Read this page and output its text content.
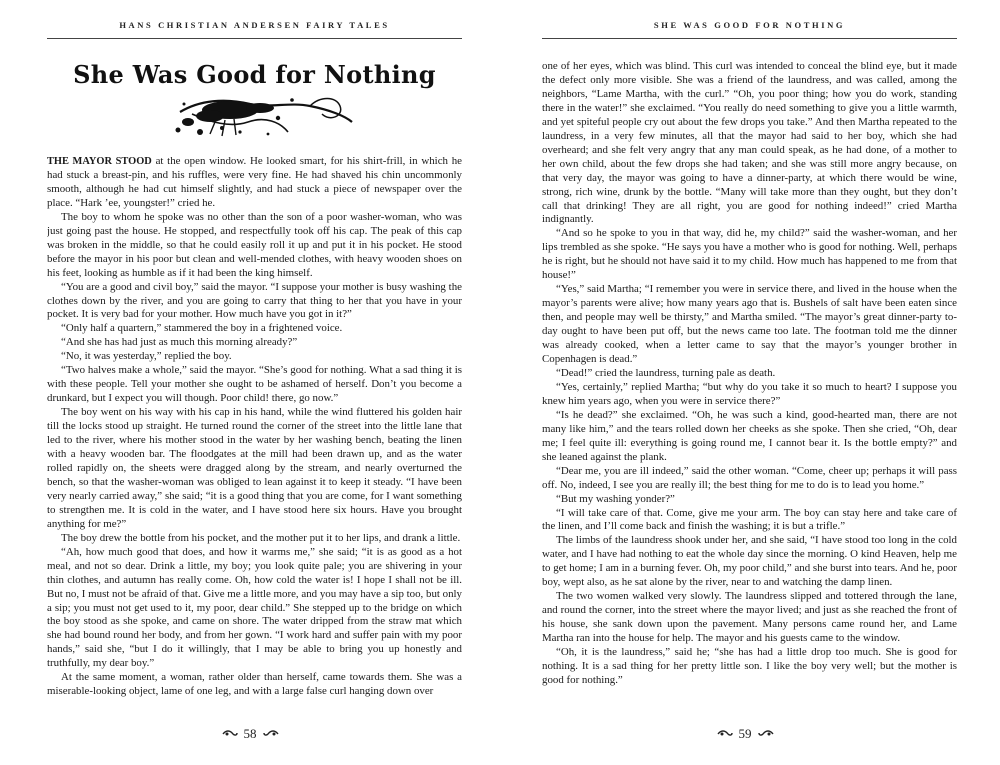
HANS CHRISTIAN ANDERSEN FAIRY TALES
She Was Good for Nothing

THE MAYOR STOOD at the open window. He looked smart, for his shirt-frill, in which he had stuck a breast-pin, and his ruffles, were very fine. He had shaved his chin uncommonly smooth, although he had cut himself slightly, and had stuck a piece of newspaper over the place. “Hark ’ee, youngster!” cried he.

The boy to whom he spoke was no other than the son of a poor washer-woman, who was just going past the house. He stopped, and respectfully took off his cap. The peak of this cap was broken in the middle, so that he could easily roll it up and put it in his pocket. He stood before the mayor in his poor but clean and well-mended clothes, with heavy wooden shoes on his feet, looking as humble as if it had been the king himself.

“You are a good and civil boy,” said the mayor. “I suppose your mother is busy washing the clothes down by the river, and you are going to carry that thing to her that you have in your pocket. It is very bad for your mother. How much have you got in it?”

“Only half a quartern,” stammered the boy in a frightened voice.

“And she has had just as much this morning already?”

“No, it was yesterday,” replied the boy.

“Two halves make a whole,” said the mayor. “She’s good for nothing. What a sad thing it is with these people. Tell your mother she ought to be ashamed of herself. Don’t you become a drunkard, but I expect you will though. Poor child! there, go now.”

The boy went on his way with his cap in his hand, while the wind fluttered his golden hair till the locks stood up straight. He turned round the corner of the street into the little lane that led to the river, where his mother stood in the water by her washing bench, beating the linen with a heavy wooden bar. The floodgates at the mill had been drawn up, and as the water rolled rapidly on, the sheets were dragged along by the stream, and nearly overturned the bench, so that the washer-woman was obliged to lean against it to keep it steady. “I have been very nearly carried away,” she said; “it is a good thing that you are come, for I want something to strengthen me. It is cold in the water, and I have stood here six hours. Have you brought anything for me?”

The boy drew the bottle from his pocket, and the mother put it to her lips, and drank a little.

“Ah, how much good that does, and how it warms me,” she said; “it is as good as a hot meal, and not so dear. Drink a little, my boy; you look quite pale; you are shivering in your thin clothes, and autumn has really come. Oh, how cold the water is! I hope I shall not be ill. But no, I must not be afraid of that. Give me a little more, and you may have a sip too, but only a sip; you must not get used to it, my poor, dear child.” She stepped up to the bridge on which the boy stood as she spoke, and came on shore. The water dripped from the straw mat which she had bound round her body, and from her gown. “I work hard and suffer pain with my poor hands,” said she, “but I do it willingly, that I may be able to bring you up honestly and truthfully, my dear boy.”

At the same moment, a woman, rather older than herself, came towards them. She was a miserable-looking object, lame of one leg, and with a large false curl hanging down over

58
SHE WAS GOOD FOR NOTHING

one of her eyes, which was blind. This curl was intended to conceal the blind eye, but it made the defect only more visible. She was a friend of the laundress, and was called, among the neighbors, “Lame Martha, with the curl.” “Oh, you poor thing; how you do work, standing there in the water!” she exclaimed. “You really do need something to give you a little warmth, and yet spiteful people cry out about the few drops you take.” And then Martha repeated to the laundress, in a very few minutes, all that the mayor had said to her boy, which she had overheard; and she felt very angry that any man could speak, as he had done, of a mother to her own child, about the few drops she had taken; and she was still more angry because, on that very day, the mayor was going to have a dinner-party, at which there would be wine, strong, rich wine, drunk by the bottle. “Many will take more than they ought, but they don’t call that drinking! They are all right, you are good for nothing indeed!” cried Martha indignantly.

“And so he spoke to you in that way, did he, my child?” said the washer-woman, and her lips trembled as she spoke. “He says you have a mother who is good for nothing. Well, perhaps he is right, but he should not have said it to my child. How much has happened to me from that house!”

“Yes,” said Martha; “I remember you were in service there, and lived in the house when the mayor’s parents were alive; how many years ago that is. Bushels of salt have been eaten since then, and people may well be thirsty,” and Martha smiled. “The mayor’s great dinner-party to-day ought to have been put off, but the news came too late. The footman told me the dinner was already cooked, when a letter came to say that the mayor’s younger brother in Copenhagen is dead.”

“Dead!” cried the laundress, turning pale as death.

“Yes, certainly,” replied Martha; “but why do you take it so much to heart? I suppose you knew him years ago, when you were in service there?”

“Is he dead?” she exclaimed. “Oh, he was such a kind, good-hearted man, there are not many like him,” and the tears rolled down her cheeks as she spoke. Then she cried, “Oh, dear me; I feel quite ill: everything is going round me, I cannot bear it. Is the bottle empty?” and she leaned against the plank.

“Dear me, you are ill indeed,” said the other woman. “Come, cheer up; perhaps it will pass off. No, indeed, I see you are really ill; the best thing for me to do is to lead you home.”

“But my washing yonder?”

“I will take care of that. Come, give me your arm. The boy can stay here and take care of the linen, and I’ll come back and finish the washing; it is but a trifle.”

The limbs of the laundress shook under her, and she said, “I have stood too long in the cold water, and I have had nothing to eat the whole day since the morning. O kind Heaven, help me to get home; I am in a burning fever. Oh, my poor child,” and she burst into tears. And he, poor boy, wept also, as he sat alone by the river, near to and watching the damp linen.

The two women walked very slowly. The laundress slipped and tottered through the lane, and round the corner, into the street where the mayor lived; and just as she reached the front of his house, she sank down upon the pavement. Many persons came round her, and Lame Martha ran into the house for help. The mayor and his guests came to the window.

“Oh, it is the laundress,” said he; “she has had a little drop too much. She is good for nothing. It is a sad thing for her pretty little son. I like the boy very well; but the mother is good for nothing.”

59
